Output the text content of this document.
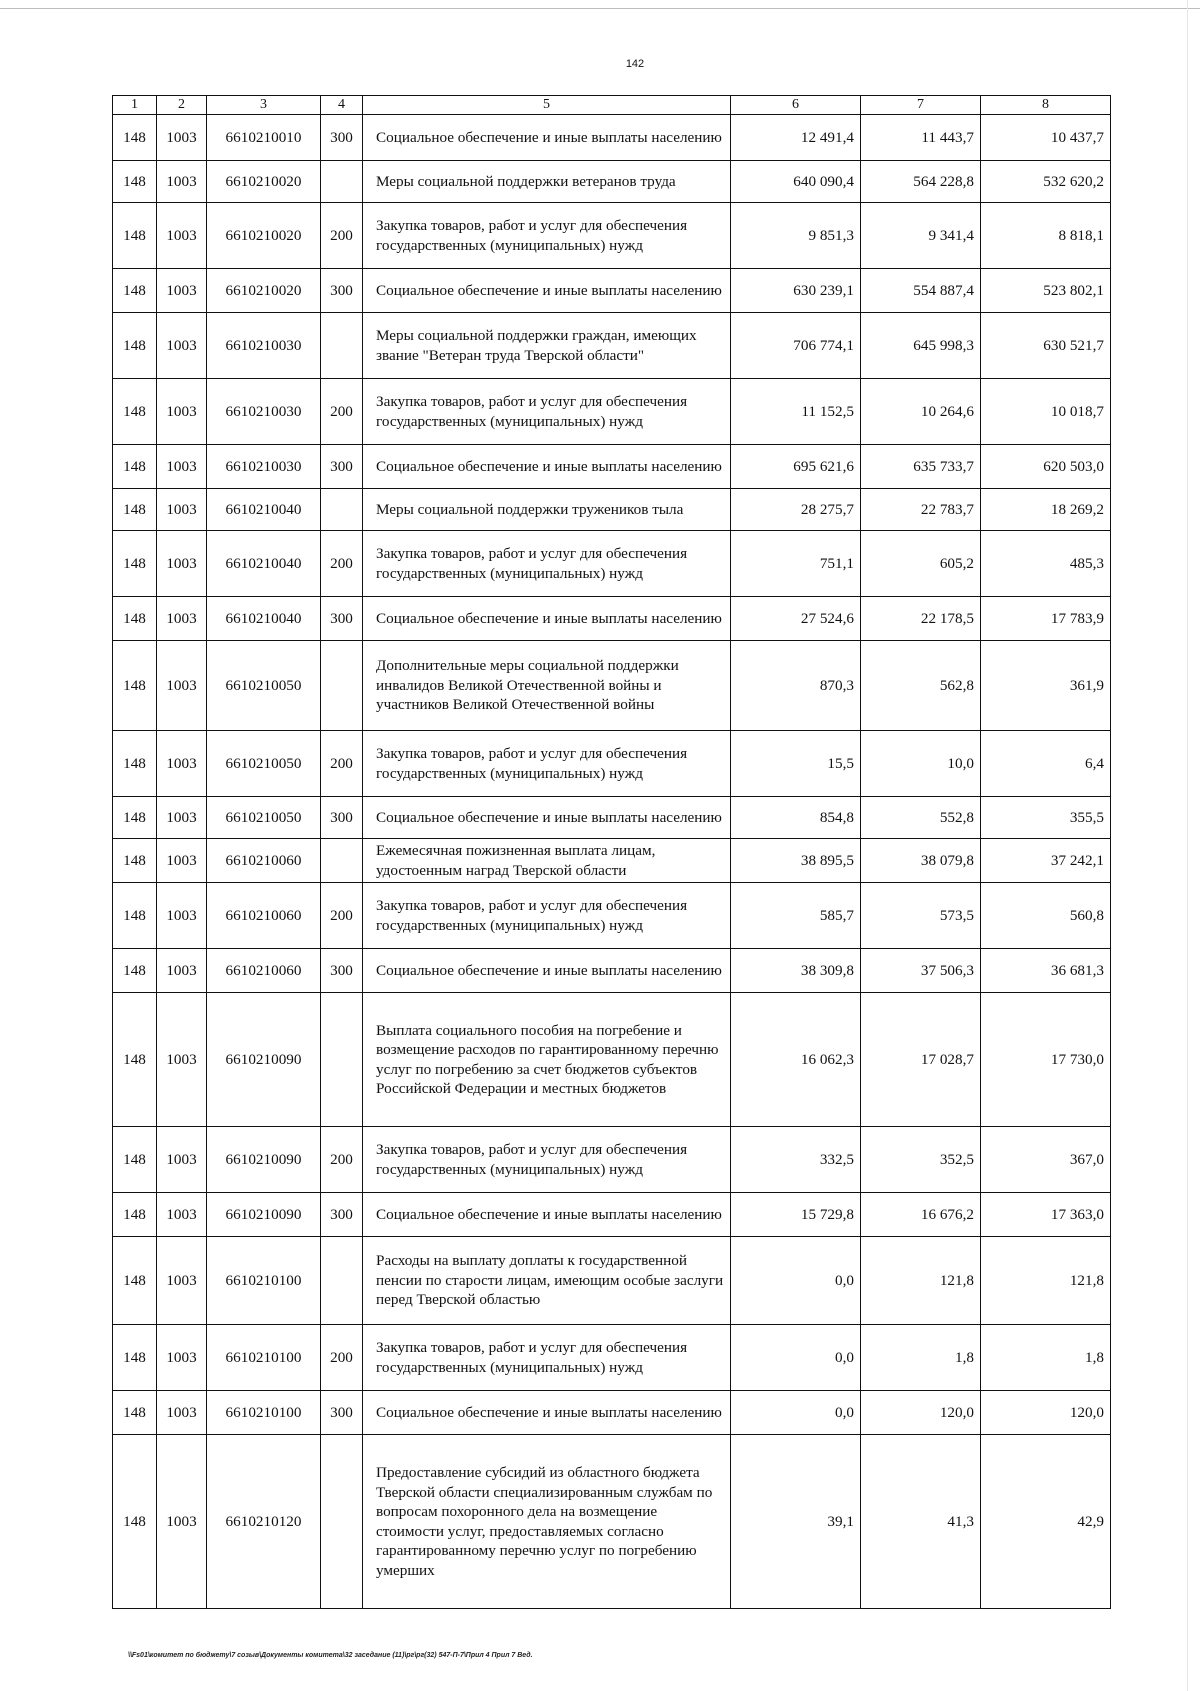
142
1	2	3	4	5	6	7	8
148	1003	6610210010	300	Социальное обеспечение и иные выплаты населению	12 491,4	11 443,7	10 437,7
148	1003	6610210020		Меры социальной поддержки ветеранов труда	640 090,4	564 228,8	532 620,2
148	1003	6610210020	200	Закупка товаров, работ и услуг для обеспечения государственных (муниципальных) нужд	9 851,3	9 341,4	8 818,1
148	1003	6610210020	300	Социальное обеспечение и иные выплаты населению	630 239,1	554 887,4	523 802,1
148	1003	6610210030		Меры социальной поддержки граждан, имеющих звание "Ветеран труда Тверской области"	706 774,1	645 998,3	630 521,7
148	1003	6610210030	200	Закупка товаров, работ и услуг для обеспечения государственных (муниципальных) нужд	11 152,5	10 264,6	10 018,7
148	1003	6610210030	300	Социальное обеспечение и иные выплаты населению	695 621,6	635 733,7	620 503,0
148	1003	6610210040		Меры социальной поддержки тружеников тыла	28 275,7	22 783,7	18 269,2
148	1003	6610210040	200	Закупка товаров, работ и услуг для обеспечения государственных (муниципальных) нужд	751,1	605,2	485,3
148	1003	6610210040	300	Социальное обеспечение и иные выплаты населению	27 524,6	22 178,5	17 783,9
148	1003	6610210050		Дополнительные меры социальной поддержки инвалидов Великой Отечественной войны и участников Великой Отечественной войны	870,3	562,8	361,9
148	1003	6610210050	200	Закупка товаров, работ и услуг для обеспечения государственных (муниципальных) нужд	15,5	10,0	6,4
148	1003	6610210050	300	Социальное обеспечение и иные выплаты населению	854,8	552,8	355,5
148	1003	6610210060		Ежемесячная пожизненная выплата лицам, удостоенным наград Тверской области	38 895,5	38 079,8	37 242,1
148	1003	6610210060	200	Закупка товаров, работ и услуг для обеспечения государственных (муниципальных) нужд	585,7	573,5	560,8
148	1003	6610210060	300	Социальное обеспечение и иные выплаты населению	38 309,8	37 506,3	36 681,3
148	1003	6610210090		Выплата социального пособия на погребение и возмещение расходов по гарантированному перечню услуг по погребению за счет бюджетов субъектов Российской Федерации и местных бюджетов	16 062,3	17 028,7	17 730,0
148	1003	6610210090	200	Закупка товаров, работ и услуг для обеспечения государственных (муниципальных) нужд	332,5	352,5	367,0
148	1003	6610210090	300	Социальное обеспечение и иные выплаты населению	15 729,8	16 676,2	17 363,0
148	1003	6610210100		Расходы на выплату доплаты к государственной пенсии по старости лицам, имеющим особые заслуги перед Тверской областью	0,0	121,8	121,8
148	1003	6610210100	200	Закупка товаров, работ и услуг для обеспечения государственных (муниципальных) нужд	0,0	1,8	1,8
148	1003	6610210100	300	Социальное обеспечение и иные выплаты населению	0,0	120,0	120,0
148	1003	6610210120		Предоставление субсидий из областного бюджета Тверской области специализированным службам по вопросам похоронного дела на возмещение стоимости услуг, предоставляемых согласно гарантированному перечню услуг по погребению умерших	39,1	41,3	42,9
\\Fs01\комитет по бюджету\7 созыв\Документы комитета\32 заседание (11)\рг\рг(32) 547-П-7\Прил 4 Прил 7 Вед.
